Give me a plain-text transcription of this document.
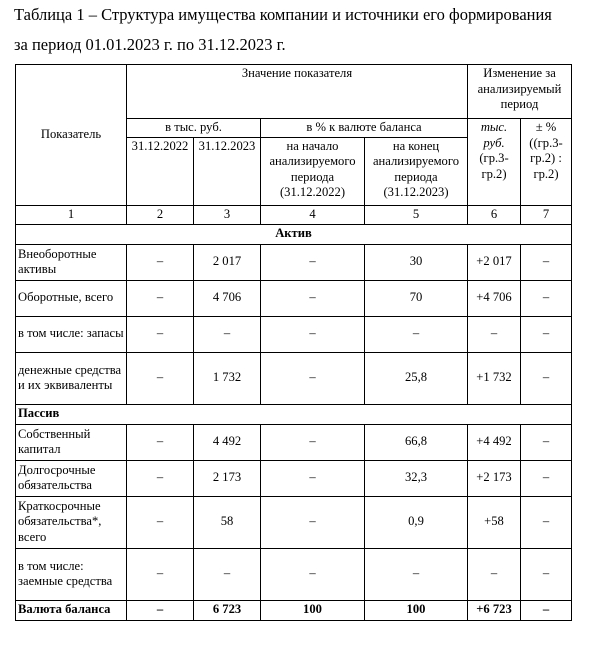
Таблица 1 – Структура имущества компании и источники его формирования
за период 01.01.2023 г. по 31.12.2023 г.
Показатель	Значение показателя				Изменение за анализируемый период	
	в тыс. руб.		в % к валюте баланса		тыс. руб. (гр.3-гр.2)	± % ((гр.3-гр.2) : гр.2)
	31.12.2022	31.12.2023	на начало анализируемого периода (31.12.2022)	на конец анализируемого периода (31.12.2023)		
1	2	3	4	5	6	7
Актив						
Внеоборотные активы	–	2 017	–	30	+2 017	–
Оборотные, всего	–	4 706	–	70	+4 706	–
в том числе: запасы	–	–	–	–	–	–
денежные средства и их эквиваленты	–	1 732	–	25,8	+1 732	–
Пассив						
Собственный капитал	–	4 492	–	66,8	+4 492	–
Долгосрочные обязательства	–	2 173	–	32,3	+2 173	–
Краткосрочные обязательства*, всего	–	58	–	0,9	+58	–
в том числе: заемные средства	–	–	–	–	–	–
Валюта баланса	–	6 723	100	100	+6 723	–
